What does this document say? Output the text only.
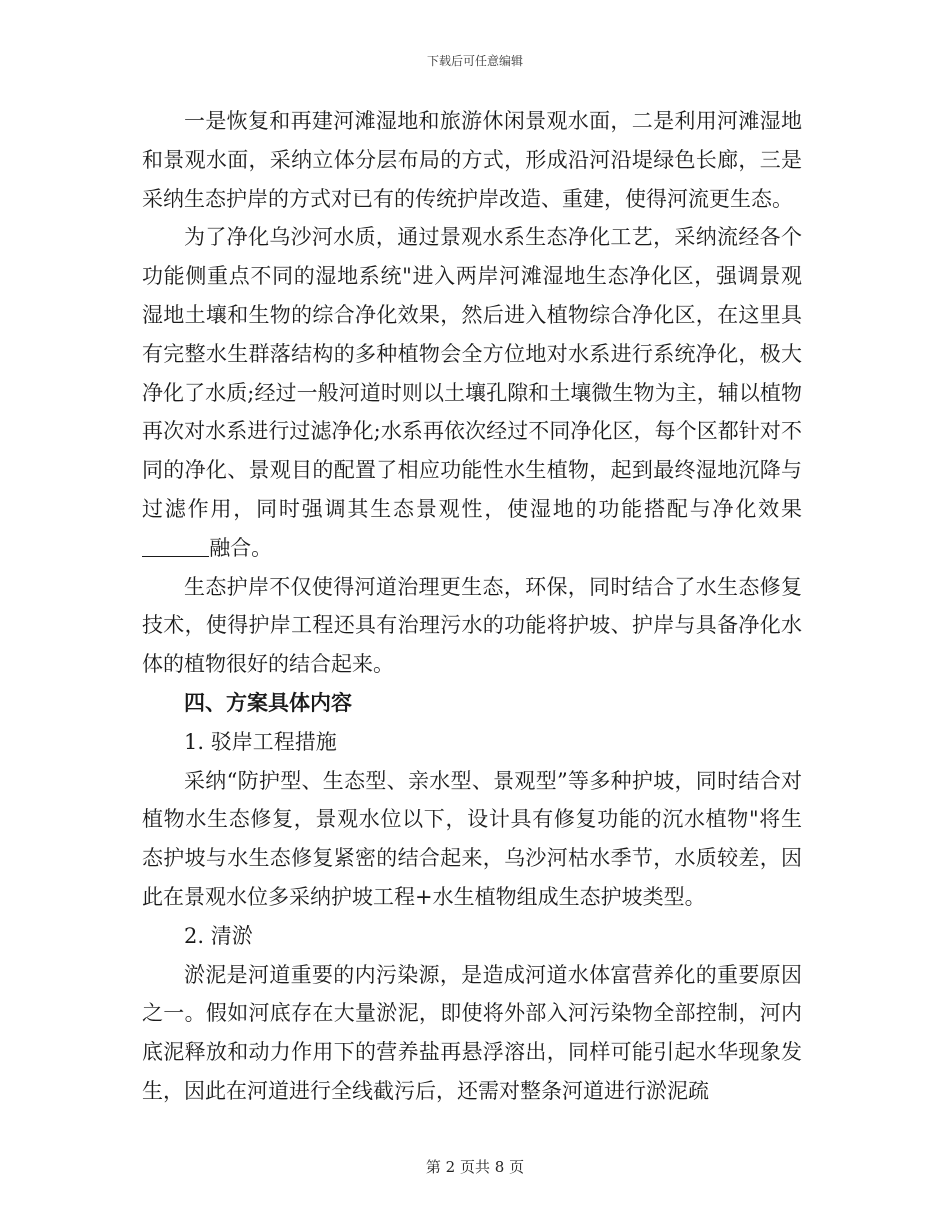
下载后可任意编辑

一是恢复和再建河滩湿地和旅游休闲景观水面，二是利用河滩湿地和景观水面，采纳立体分层布局的方式，形成沿河沿堤绿色长廊，三是采纳生态护岸的方式对已有的传统护岸改造、重建，使得河流更生态。

为了净化乌沙河水质，通过景观水系生态净化工艺，采纳流经各个功能侧重点不同的湿地系统"进入两岸河滩湿地生态净化区，强调景观湿地土壤和生物的综合净化效果，然后进入植物综合净化区，在这里具有完整水生群落结构的多种植物会全方位地对水系进行系统净化，极大净化了水质;经过一般河道时则以土壤孔隙和土壤微生物为主，辅以植物再次对水系进行过滤净化;水系再依次经过不同净化区，每个区都针对不同的净化、景观目的配置了相应功能性水生植物，起到最终湿地沉降与过滤作用，同时强调其生态景观性，使湿地的功能搭配与净化效果融合。

生态护岸不仅使得河道治理更生态，环保，同时结合了水生态修复技术，使得护岸工程还具有治理污水的功能将护坡、护岸与具备净化水体的植物很好的结合起来。

四、方案具体内容

1. 驳岸工程措施

采纳“防护型、生态型、亲水型、景观型”等多种护坡，同时结合对植物水生态修复，景观水位以下，设计具有修复功能的沉水植物"将生态护坡与水生态修复紧密的结合起来，乌沙河枯水季节，水质较差，因此在景观水位多采纳护坡工程+水生植物组成生态护坡类型。

2. 清淤

淤泥是河道重要的内污染源，是造成河道水体富营养化的重要原因之一。假如河底存在大量淤泥，即使将外部入河污染物全部控制，河内底泥释放和动力作用下的营养盐再悬浮溶出，同样可能引起水华现象发生，因此在河道进行全线截污后，还需对整条河道进行淤泥疏

第 2 页共 8 页
